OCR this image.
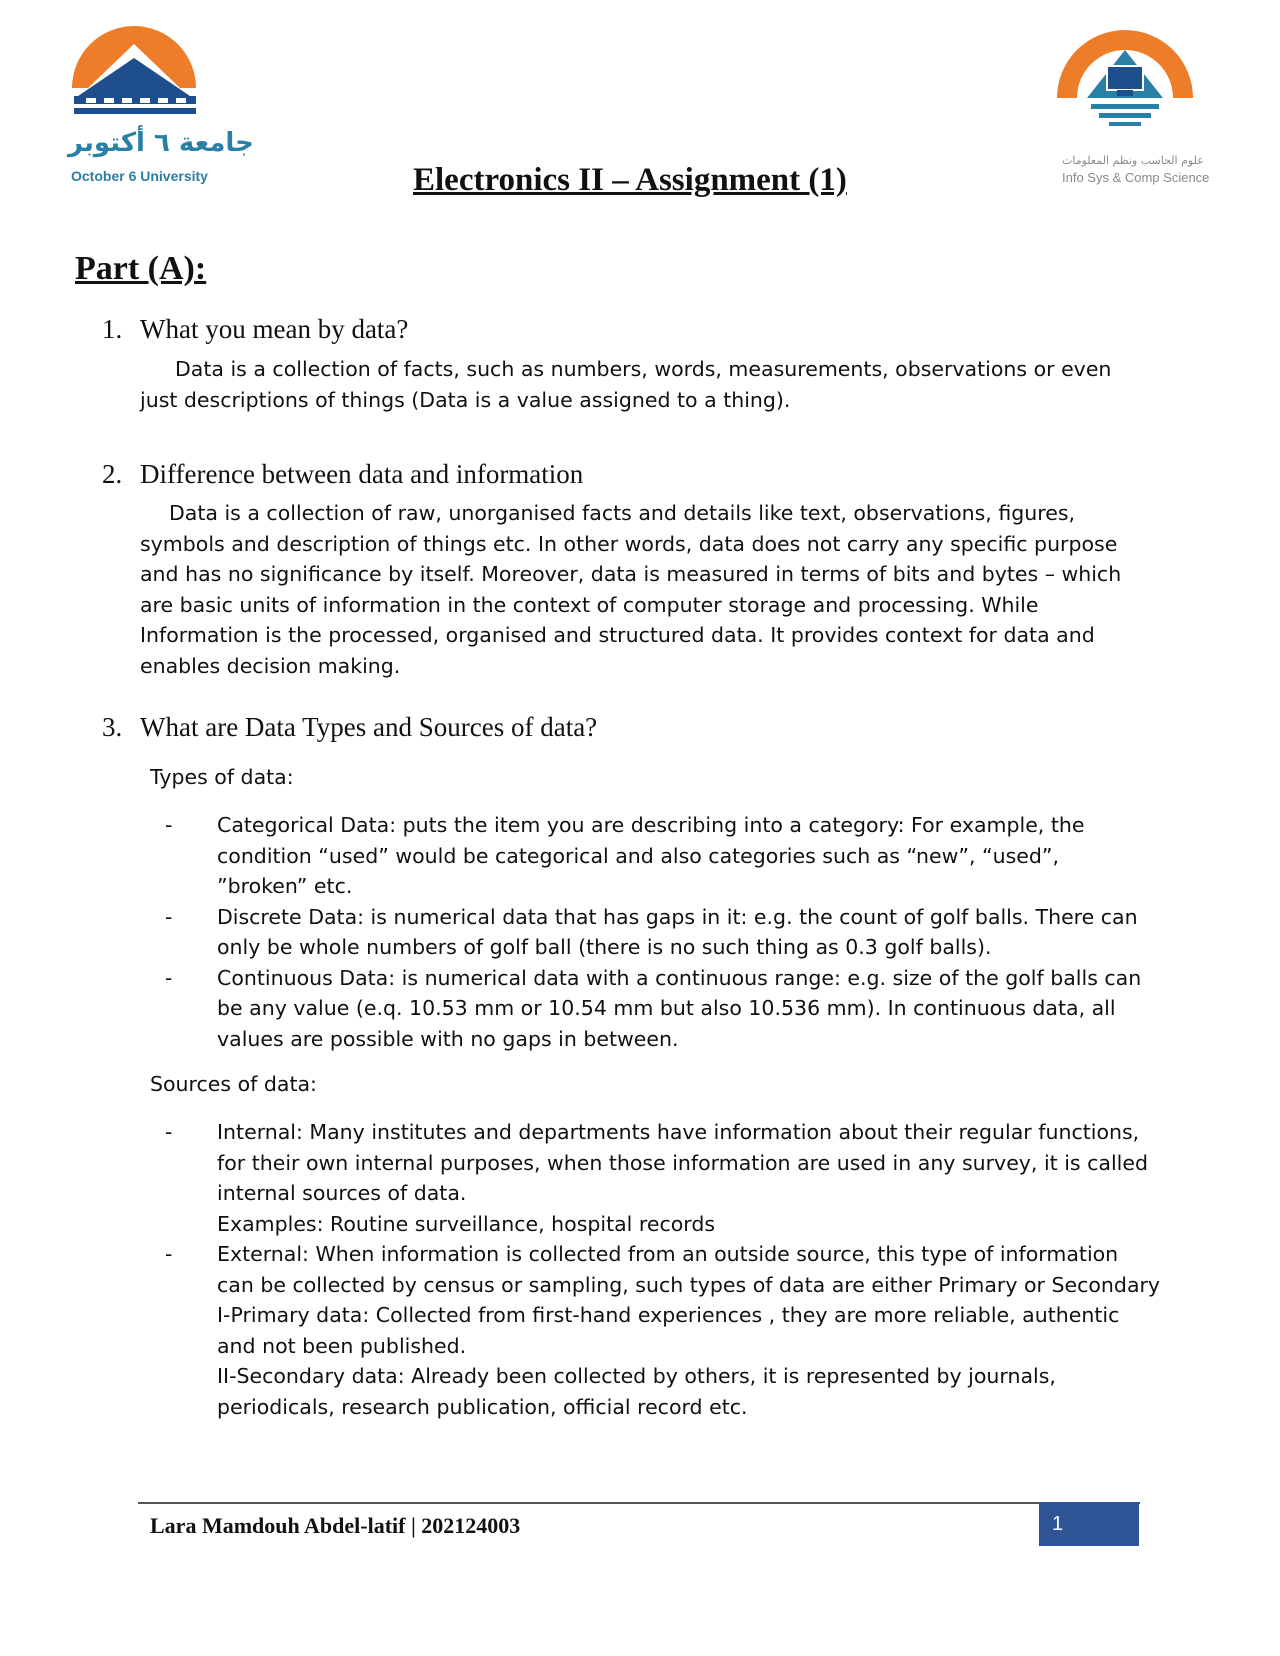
جامعة ٦ أكتوبر
October 6 University
علوم الحاسب ونظم المعلومات
Info Sys & Comp Science
Electronics II – Assignment (1)
Part (A):
1. What you mean by data?
Data is a collection of facts, such as numbers, words, measurements, observations or even
just descriptions of things (Data is a value assigned to a thing).
2. Difference between data and information
Data is a collection of raw, unorganised facts and details like text, observations, figures,
symbols and description of things etc. In other words, data does not carry any specific purpose
and has no significance by itself. Moreover, data is measured in terms of bits and bytes – which
are basic units of information in the context of computer storage and processing. While
Information is the processed, organised and structured data. It provides context for data and
enables decision making.
3. What are Data Types and Sources of data?
Types of data:
- Categorical Data: puts the item you are describing into a category: For example, the
condition “used” would be categorical and also categories such as “new”, “used”,
”broken” etc.
- Discrete Data: is numerical data that has gaps in it: e.g. the count of golf balls. There can
only be whole numbers of golf ball (there is no such thing as 0.3 golf balls).
- Continuous Data: is numerical data with a continuous range: e.g. size of the golf balls can
be any value (e.q. 10.53 mm or 10.54 mm but also 10.536 mm). In continuous data, all
values are possible with no gaps in between.
Sources of data:
- Internal: Many institutes and departments have information about their regular functions,
for their own internal purposes, when those information are used in any survey, it is called
internal sources of data.
Examples: Routine surveillance, hospital records
- External: When information is collected from an outside source, this type of information
can be collected by census or sampling, such types of data are either Primary or Secondary
I-Primary data: Collected from first-hand experiences , they are more reliable, authentic
and not been published.
II-Secondary data: Already been collected by others, it is represented by journals,
periodicals, research publication, official record etc.
Lara Mamdouh Abdel-latif | 202124003	1
